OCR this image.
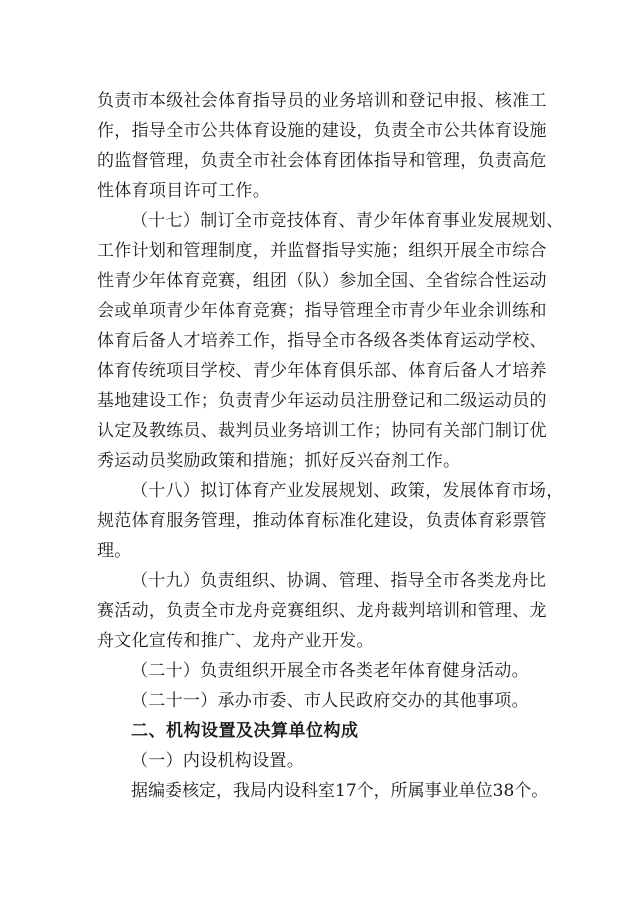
负责市本级社会体育指导员的业务培训和登记申报、核准工
作，指导全市公共体育设施的建设，负责全市公共体育设施
的监督管理，负责全市社会体育团体指导和管理，负责高危
性体育项目许可工作。
（十七）制订全市竞技体育、青少年体育事业发展规划、
工作计划和管理制度，并监督指导实施；组织开展全市综合
性青少年体育竞赛，组团（队）参加全国、全省综合性运动
会或单项青少年体育竞赛；指导管理全市青少年业余训练和
体育后备人才培养工作，指导全市各级各类体育运动学校、
体育传统项目学校、青少年体育俱乐部、体育后备人才培养
基地建设工作；负责青少年运动员注册登记和二级运动员的
认定及教练员、裁判员业务培训工作；协同有关部门制订优
秀运动员奖励政策和措施；抓好反兴奋剂工作。
（十八）拟订体育产业发展规划、政策，发展体育市场，
规范体育服务管理，推动体育标准化建设，负责体育彩票管
理。
（十九）负责组织、协调、管理、指导全市各类龙舟比
赛活动，负责全市龙舟竞赛组织、龙舟裁判培训和管理、龙
舟文化宣传和推广、龙舟产业开发。
（二十）负责组织开展全市各类老年体育健身活动。
（二十一）承办市委、市人民政府交办的其他事项。
二、机构设置及决算单位构成
（一）内设机构设置。
据编委核定，我局内设科室17个，所属事业单位38个。
